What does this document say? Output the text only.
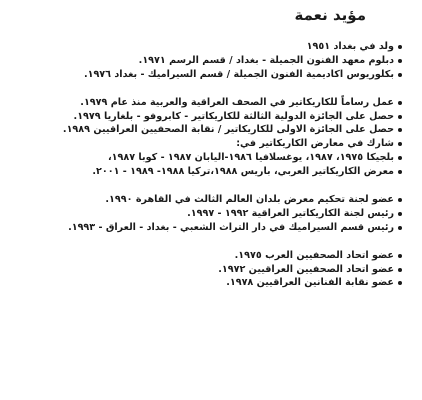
مؤيد نعمة
ولد في بغداد ١٩٥١
دبلوم معهد الفنون الجميلة - بغداد / قسم الرسم ١٩٧١.
بكلوريوس اكاديمية الفنون الجميلة / قسم السيراميك - بغداد ١٩٧٦.
عمل رساماً للكاريكاتير في الصحف العراقية والعربية منذ عام ١٩٧٩.
حصل على الجائزة الدولية الثالثة للكاريكاتير - كابروفو - بلغاريا ١٩٧٩.
حصل على الجائزة الاولى للكاريكاتير / نقابة الصحفيين العراقيين ١٩٨٩.
شارك في معارض الكاريكاتير في:
بلجيكا ١٩٧٥، ١٩٨٧، يوغسلافيا ١٩٨٦-اليابان ١٩٨٧ - كوبا ١٩٨٧،
معرض الكاريكاتير العربي، باريس ١٩٨٨،تركيا ١٩٨٨- ١٩٨٩ - ٢٠٠١.
عضو لجنة تحكيم معرض بلدان العالم الثالث في القاهرة ١٩٩٠.
رئيس لجنة الكاريكاتير العراقية ١٩٩٢ - ١٩٩٧.
رئيس قسم السيراميك في دار التراث الشعبي - بغداد - العراق - ١٩٩٣.
عضو اتحاد الصحفيين العرب ١٩٧٥.
عضو اتحاد الصحفيين العراقيين ١٩٧٢.
عضو نقابة الفنانين العراقيين ١٩٧٨.
